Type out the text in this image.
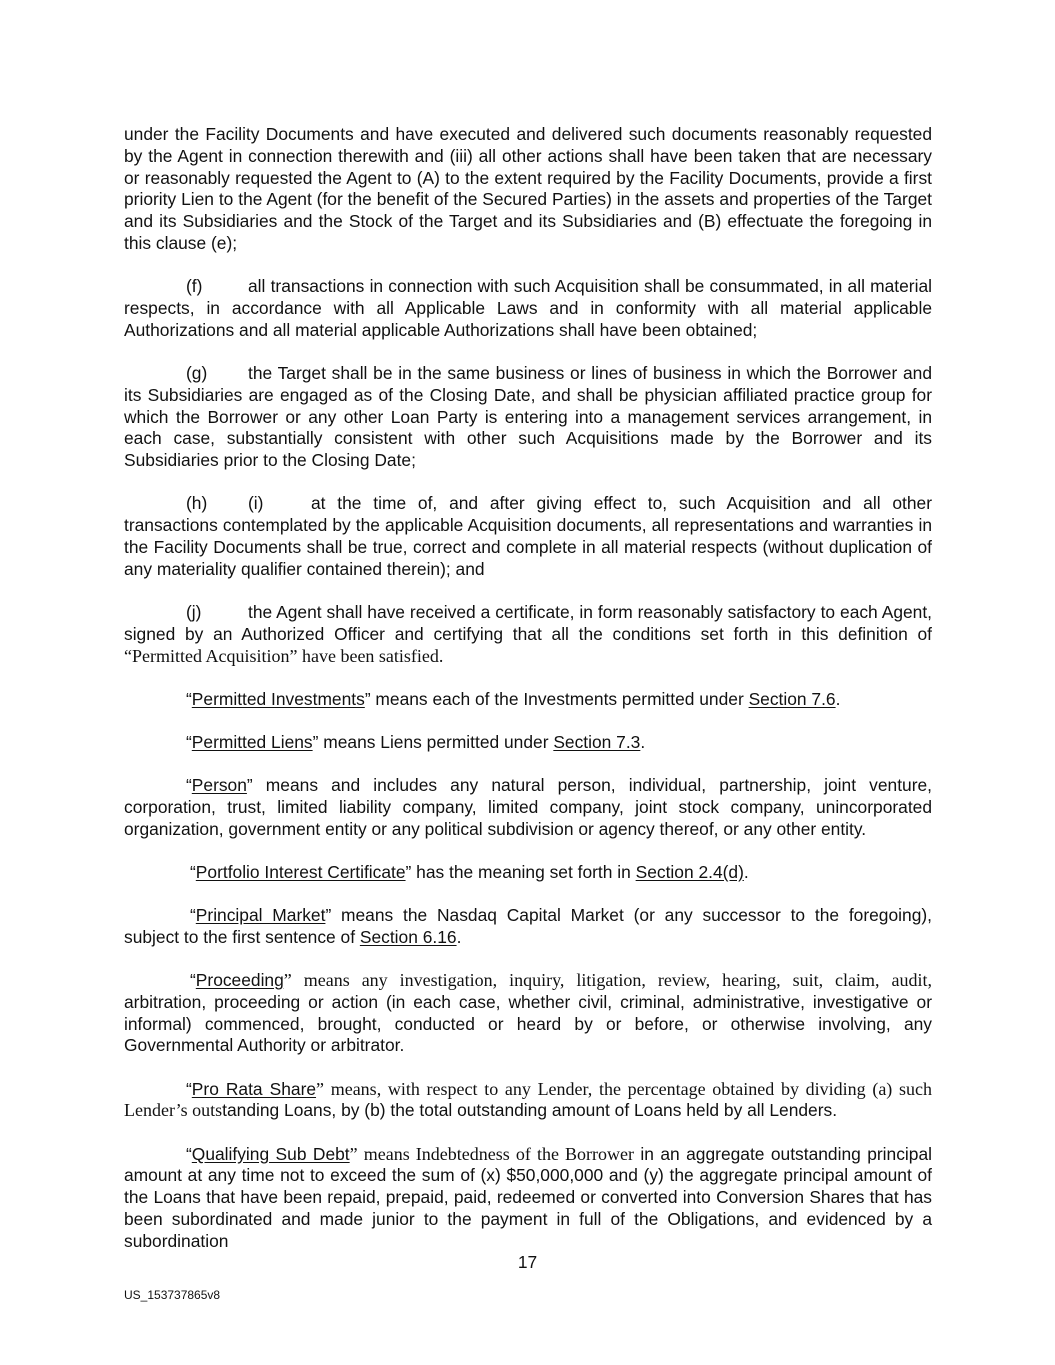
under the Facility Documents and have executed and delivered such documents reasonably requested by the Agent in connection therewith and (iii) all other actions shall have been taken that are necessary or reasonably requested the Agent to (A) to the extent required by the Facility Documents, provide a first priority Lien to the Agent (for the benefit of the Secured Parties) in the assets and properties of the Target and its Subsidiaries and the Stock of the Target and its Subsidiaries and (B) effectuate the foregoing in this clause (e);

(f)	all transactions in connection with such Acquisition shall be consummated, in all material respects, in accordance with all Applicable Laws and in conformity with all material applicable Authorizations and all material applicable Authorizations shall have been obtained;

(g) the Target shall be in the same business or lines of business in which the Borrower and its Subsidiaries are engaged as of the Closing Date, and shall be physician affiliated practice group for which the Borrower or any other Loan Party is entering into a management services arrangement, in each case, substantially consistent with other such Acquisitions made by the Borrower and its Subsidiaries prior to the Closing Date;

(h) (i)	at the time of, and after giving effect to, such Acquisition and all other transactions contemplated by the applicable Acquisition documents, all representations and warranties in the Facility Documents shall be true, correct and complete in all material respects (without duplication of any materiality qualifier contained therein); and

(j)	the Agent shall have received a certificate, in form reasonably satisfactory to each Agent, signed by an Authorized Officer and certifying that all the conditions set forth in this definition of “Permitted Acquisition” have been satisfied.

“Permitted Investments” means each of the Investments permitted under Section 7.6.

“Permitted Liens” means Liens permitted under Section 7.3.

“Person” means and includes any natural person, individual, partnership, joint venture, corporation, trust, limited liability company, limited company, joint stock company, unincorporated organization, government entity or any political subdivision or agency thereof, or any other entity.

“Portfolio Interest Certificate” has the meaning set forth in Section 2.4(d).

“Principal Market” means the Nasdaq Capital Market (or any successor to the foregoing), subject to the first sentence of Section 6.16.

“Proceeding” means any investigation, inquiry, litigation, review, hearing, suit, claim, audit, arbitration, proceeding or action (in each case, whether civil, criminal, administrative, investigative or informal) commenced, brought, conducted or heard by or before, or otherwise involving, any Governmental Authority or arbitrator.

“Pro Rata Share” means, with respect to any Lender, the percentage obtained by dividing (a) such Lender’s outstanding Loans, by (b) the total outstanding amount of Loans held by all Lenders.

“Qualifying Sub Debt” means Indebtedness of the Borrower in an aggregate outstanding principal amount at any time not to exceed the sum of (x) $50,000,000 and (y) the aggregate principal amount of the Loans that have been repaid, prepaid, paid, redeemed or converted into Conversion Shares that has been subordinated and made junior to the payment in full of the Obligations, and evidenced by a subordination

17
US_153737865v8
